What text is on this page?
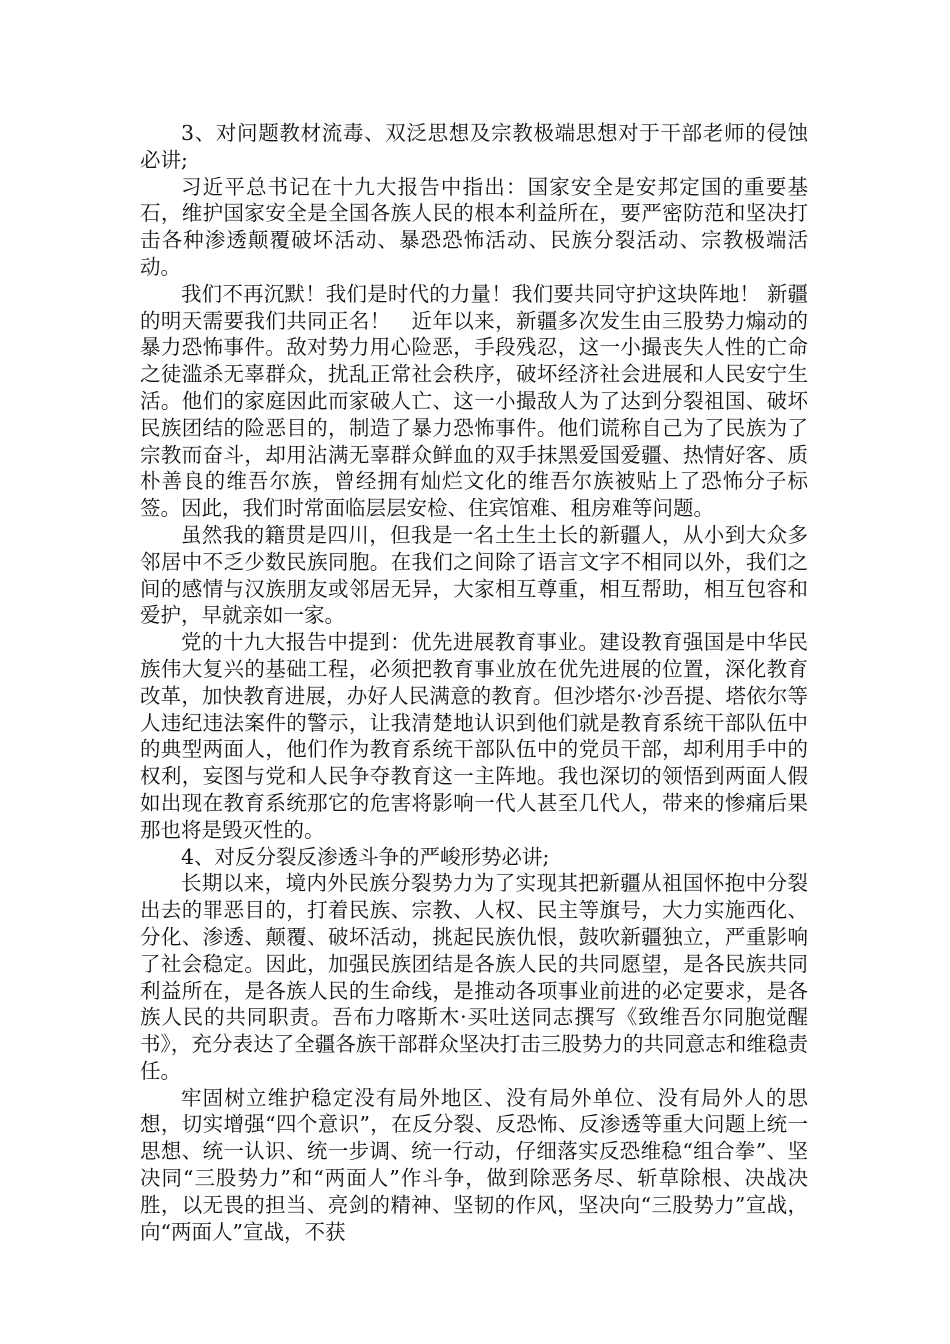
3、对问题教材流毒、双泛思想及宗教极端思想对于干部老师的侵蚀必讲;

习近平总书记在十九大报告中指出：国家安全是安邦定国的重要基石，维护国家安全是全国各族人民的根本利益所在，要严密防范和坚决打击各种渗透颠覆破坏活动、暴恐恐怖活动、民族分裂活动、宗教极端活动。

我们不再沉默！我们是时代的力量！我们要共同守护这块阵地！ 新疆的明天需要我们共同正名！　近年以来，新疆多次发生由三股势力煽动的暴力恐怖事件。敌对势力用心险恶，手段残忍，这一小撮丧失人性的亡命之徒滥杀无辜群众，扰乱正常社会秩序，破坏经济社会进展和人民安宁生活。他们的家庭因此而家破人亡、这一小撮敌人为了达到分裂祖国、破坏民族团结的险恶目的，制造了暴力恐怖事件。他们谎称自己为了民族为了宗教而奋斗，却用沾满无辜群众鲜血的双手抹黑爱国爱疆、热情好客、质朴善良的维吾尔族，曾经拥有灿烂文化的维吾尔族被贴上了恐怖分子标签。因此，我们时常面临层层安检、住宾馆难、租房难等问题。

虽然我的籍贯是四川，但我是一名土生土长的新疆人，从小到大众多邻居中不乏少数民族同胞。在我们之间除了语言文字不相同以外，我们之间的感情与汉族朋友或邻居无异，大家相互尊重，相互帮助，相互包容和爱护，早就亲如一家。

党的十九大报告中提到：优先进展教育事业。建设教育强国是中华民族伟大复兴的基础工程，必须把教育事业放在优先进展的位置，深化教育改革，加快教育进展，办好人民满意的教育。但沙塔尔·沙吾提、塔依尔等人违纪违法案件的警示，让我清楚地认识到他们就是教育系统干部队伍中的典型两面人，他们作为教育系统干部队伍中的党员干部，却利用手中的权利，妄图与党和人民争夺教育这一主阵地。我也深切的领悟到两面人假如出现在教育系统那它的危害将影响一代人甚至几代人，带来的惨痛后果那也将是毁灭性的。

4、对反分裂反渗透斗争的严峻形势必讲;

长期以来，境内外民族分裂势力为了实现其把新疆从祖国怀抱中分裂出去的罪恶目的，打着民族、宗教、人权、民主等旗号，大力实施西化、分化、渗透、颠覆、破坏活动，挑起民族仇恨，鼓吹新疆独立，严重影响了社会稳定。因此，加强民族团结是各族人民的共同愿望，是各民族共同利益所在，是各族人民的生命线，是推动各项事业前进的必定要求，是各族人民的共同职责。吾布力喀斯木·买吐送同志撰写《致维吾尔同胞觉醒书》，充分表达了全疆各族干部群众坚决打击三股势力的共同意志和维稳责任。

牢固树立维护稳定没有局外地区、没有局外单位、没有局外人的思想，切实增强“四个意识”，在反分裂、反恐怖、反渗透等重大问题上统一思想、统一认识、统一步调、统一行动，仔细落实反恐维稳“组合拳”、坚决同“三股势力”和“两面人”作斗争，做到除恶务尽、斩草除根、决战决胜，以无畏的担当、亮剑的精神、坚韧的作风，坚决向“三股势力”宣战，向“两面人”宣战，不获
